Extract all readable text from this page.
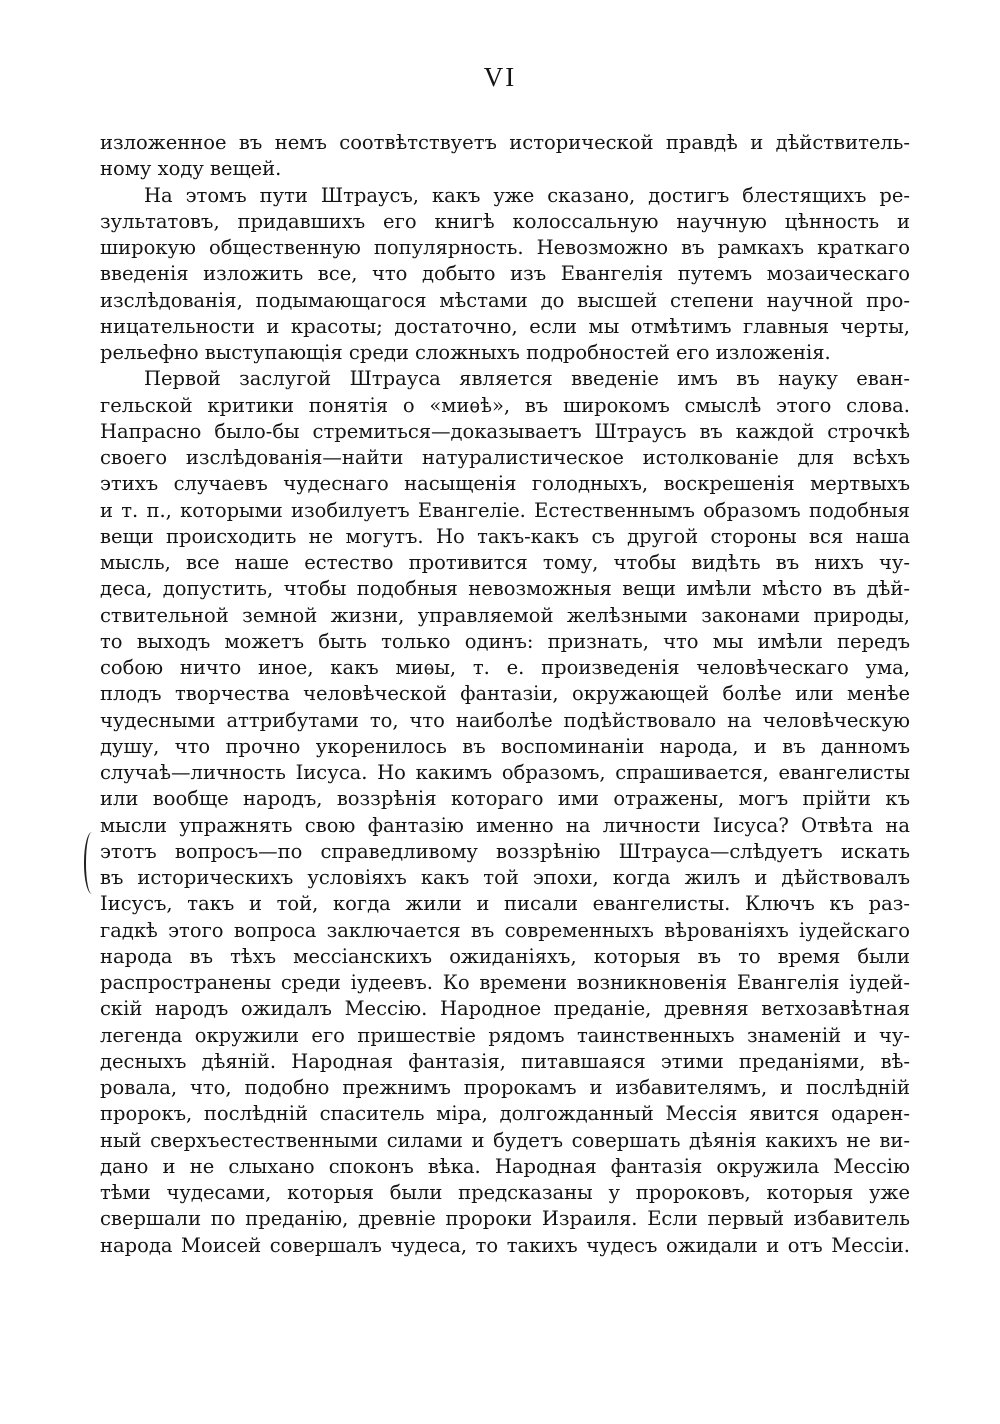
VI
изложенное въ немъ соотвѣтствуетъ исторической правдѣ и дѣйствитель-
ному ходу вещей.
На этомъ пути Штраусъ, какъ уже сказано, достигъ блестящихъ ре-
зультатовъ, придавшихъ его книгѣ колоссальную научную цѣнность и
широкую общественную популярность. Невозможно въ рамкахъ краткаго
введенія изложить все, что добыто изъ Евангелія путемъ мозаическаго
изслѣдованія, подымающагося мѣстами до высшей степени научной про-
ницательности и красоты; достаточно, если мы отмѣтимъ главныя черты,
рельефно выступающія среди сложныхъ подробностей его изложенія.
Первой заслугой Штрауса является введеніе имъ въ науку еван-
гельской критики понятія о «миѳѣ», въ широкомъ смыслѣ этого слова.
Напрасно было-бы стремиться—доказываетъ Штраусъ въ каждой строчкѣ
своего изслѣдованія—найти натуралистическое истолкованіе для всѣхъ
этихъ случаевъ чудеснаго насыщенія голодныхъ, воскрешенія мертвыхъ
и т. п., которыми изобилуетъ Евангеліе. Естественнымъ образомъ подобныя
вещи происходить не могутъ. Но такъ-какъ съ другой стороны вся наша
мысль, все наше естество противится тому, чтобы видѣть въ нихъ чу-
деса, допустить, чтобы подобныя невозможныя вещи имѣли мѣсто въ дѣй-
ствительной земной жизни, управляемой желѣзными законами природы,
то выходъ можетъ быть только одинъ: признать, что мы имѣли передъ
собою ничто иное, какъ миѳы, т. е. произведенія человѣческаго ума,
плодъ творчества человѣческой фантазіи, окружающей болѣе или менѣе
чудесными аттрибутами то, что наиболѣе подѣйствовало на человѣческую
душу, что прочно укоренилось въ воспоминаніи народа, и въ данномъ
случаѣ—личность Іисуса. Но какимъ образомъ, спрашивается, евангелисты
или вообще народъ, воззрѣнія котораго ими отражены, могъ прійти къ
мысли упражнять свою фантазію именно на личности Іисуса? Отвѣта на
этотъ вопросъ—по справедливому воззрѣнію Штрауса—слѣдуетъ искать
въ историческихъ условіяхъ какъ той эпохи, когда жилъ и дѣйствовалъ
Іисусъ, такъ и той, когда жили и писали евангелисты. Ключъ къ раз-
гадкѣ этого вопроса заключается въ современныхъ вѣрованіяхъ іудейскаго
народа въ тѣхъ мессіанскихъ ожиданіяхъ, которыя въ то время были
распространены среди іудеевъ. Ко времени возникновенія Евангелія іудей-
скій народъ ожидалъ Мессію. Народное преданіе, древняя ветхозавѣтная
легенда окружили его пришествіе рядомъ таинственныхъ знаменій и чу-
десныхъ дѣяній. Народная фантазія, питавшаяся этими преданіями, вѣ-
ровала, что, подобно прежнимъ пророкамъ и избавителямъ, и послѣдній
пророкъ, послѣдній спаситель міра, долгожданный Мессія явится одарен-
ный сверхъестественными силами и будетъ совершать дѣянія какихъ не ви-
дано и не слыхано споконъ вѣка. Народная фантазія окружила Мессію
тѣми чудесами, которыя были предсказаны у пророковъ, которыя уже
свершали по преданію, древніе пророки Израиля. Если первый избавитель
народа Моисей совершалъ чудеса, то такихъ чудесъ ожидали и отъ Мессіи.
